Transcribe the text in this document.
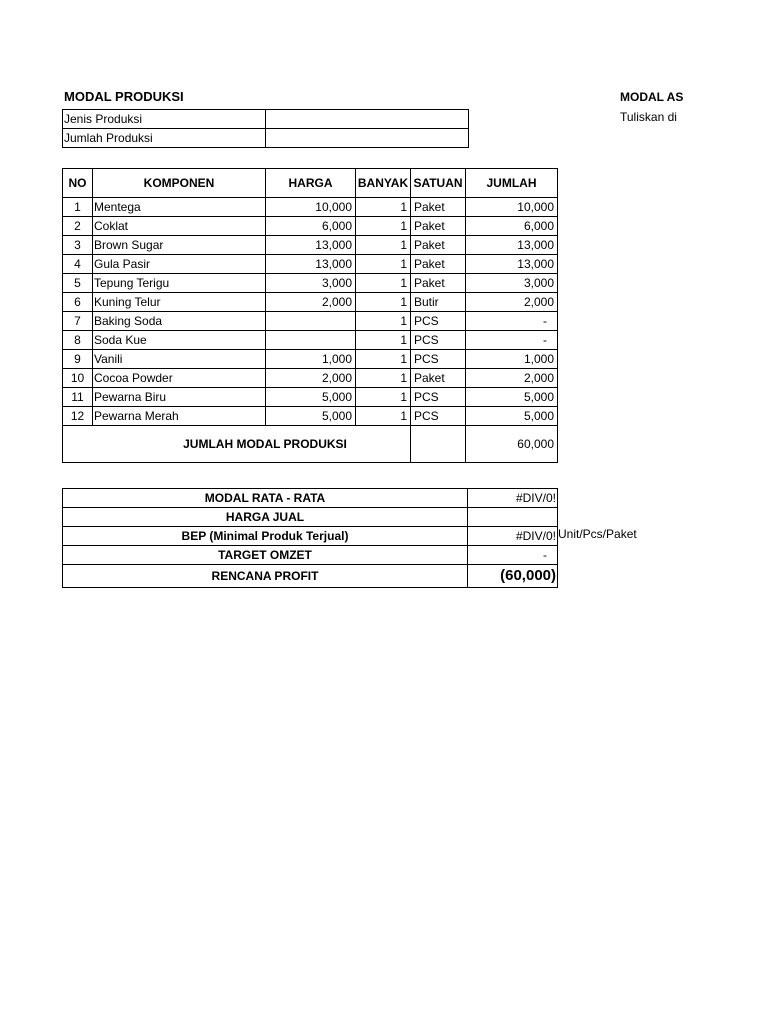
MODAL PRODUKSI	MODAL AS
Tuliskan di
Jenis Produksi	
Jumlah Produksi	
NO	KOMPONEN	HARGA	BANYAK	SATUAN	JUMLAH
1	Mentega	10,000	1	Paket	10,000
2	Coklat	6,000	1	Paket	6,000
3	Brown Sugar	13,000	1	Paket	13,000
4	Gula Pasir	13,000	1	Paket	13,000
5	Tepung Terigu	3,000	1	Paket	3,000
6	Kuning Telur	2,000	1	Butir	2,000
7	Baking Soda		1	PCS	-
8	Soda Kue		1	PCS	-
9	Vanili	1,000	1	PCS	1,000
10	Cocoa Powder	2,000	1	Paket	2,000
11	Pewarna Biru	5,000	1	PCS	5,000
12	Pewarna Merah	5,000	1	PCS	5,000
JUMLAH MODAL PRODUKSI					60,000
MODAL RATA - RATA	#DIV/0!
HARGA JUAL	
BEP (Minimal Produk Terjual)	#DIV/0!
TARGET OMZET	-
RENCANA PROFIT	(60,000)
Unit/Pcs/Paket
